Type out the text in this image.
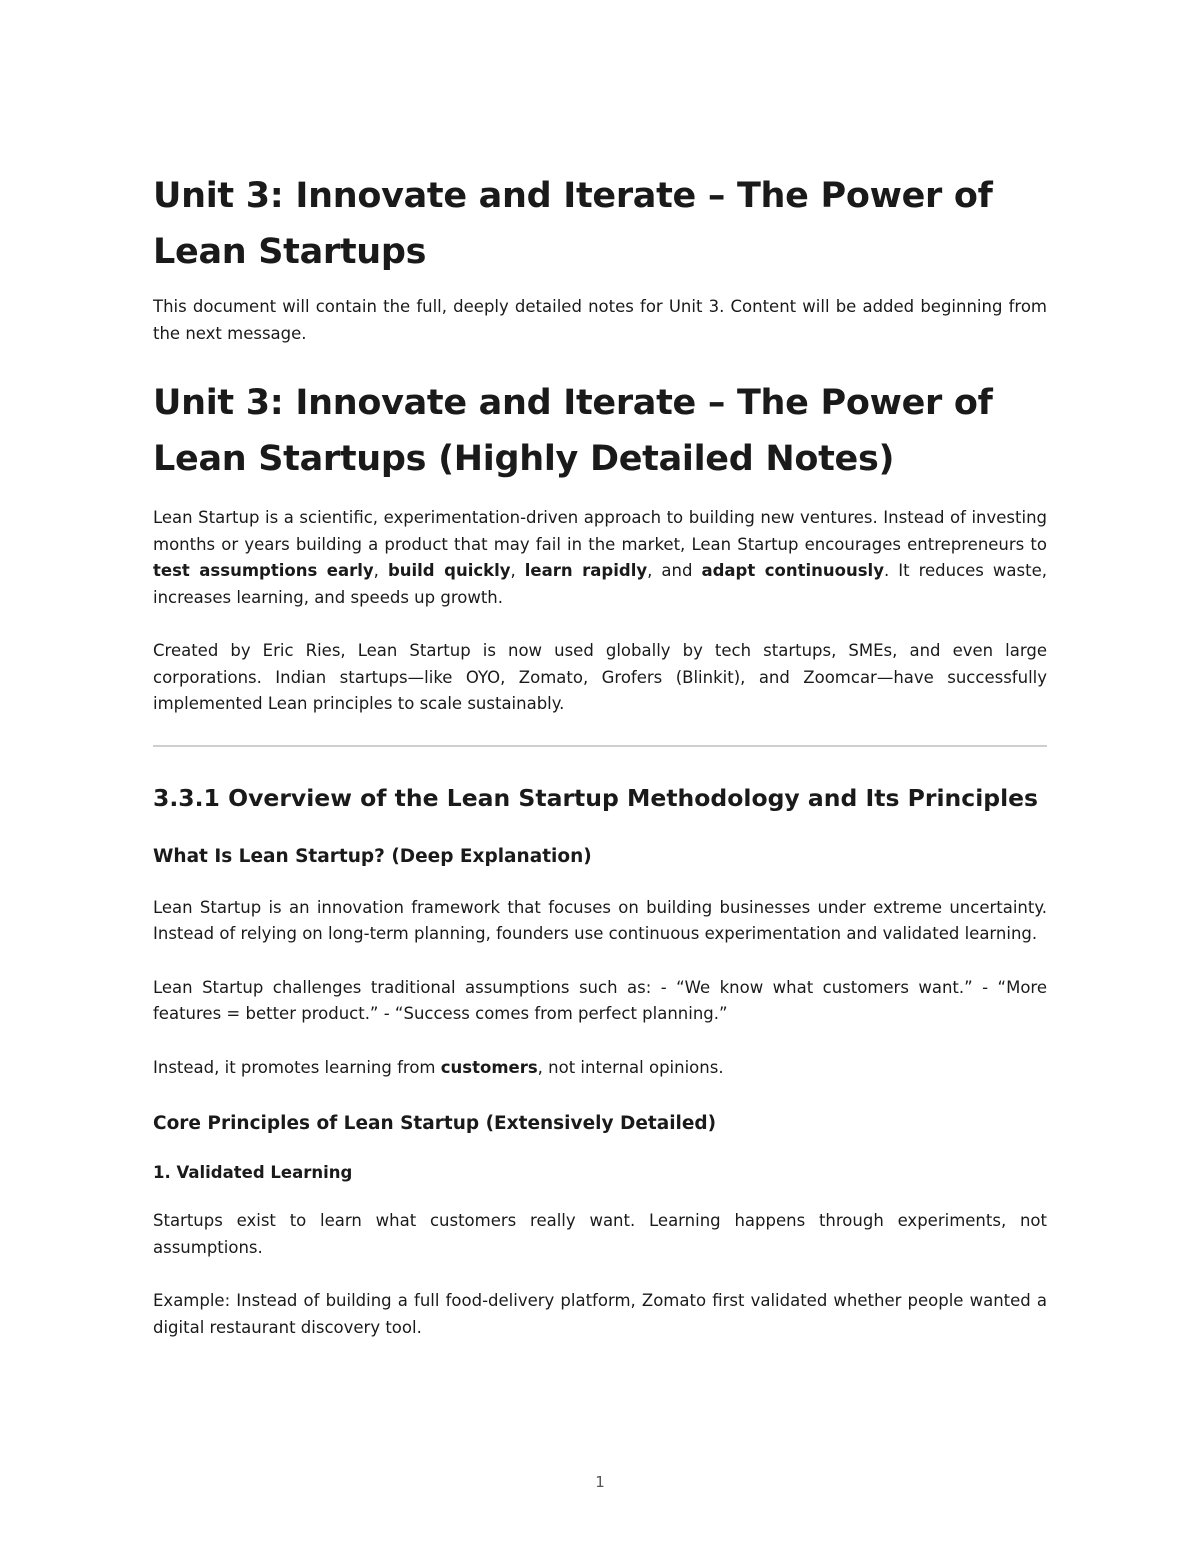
Unit 3: Innovate and Iterate – The Power of Lean Startups

This document will contain the full, deeply detailed notes for Unit 3. Content will be added beginning from the next message.

Unit 3: Innovate and Iterate – The Power of Lean Startups (Highly Detailed Notes)

Lean Startup is a scientific, experimentation-driven approach to building new ventures. Instead of investing months or years building a product that may fail in the market, Lean Startup encourages entrepreneurs to test assumptions early, build quickly, learn rapidly, and adapt continuously. It reduces waste, increases learning, and speeds up growth.

Created by Eric Ries, Lean Startup is now used globally by tech startups, SMEs, and even large corporations. Indian startups—like OYO, Zomato, Grofers (Blinkit), and Zoomcar—have successfully implemented Lean principles to scale sustainably.

3.3.1 Overview of the Lean Startup Methodology and Its Principles
What Is Lean Startup? (Deep Explanation)

Lean Startup is an innovation framework that focuses on building businesses under extreme uncertainty. Instead of relying on long-term planning, founders use continuous experimentation and validated learning.

Lean Startup challenges traditional assumptions such as: - “We know what customers want.” - “More features = better product.” - “Success comes from perfect planning.”

Instead, it promotes learning from customers, not internal opinions.

Core Principles of Lean Startup (Extensively Detailed)
1. Validated Learning

Startups exist to learn what customers really want. Learning happens through experiments, not assumptions.

Example: Instead of building a full food-delivery platform, Zomato first validated whether people wanted a digital restaurant discovery tool.

1
